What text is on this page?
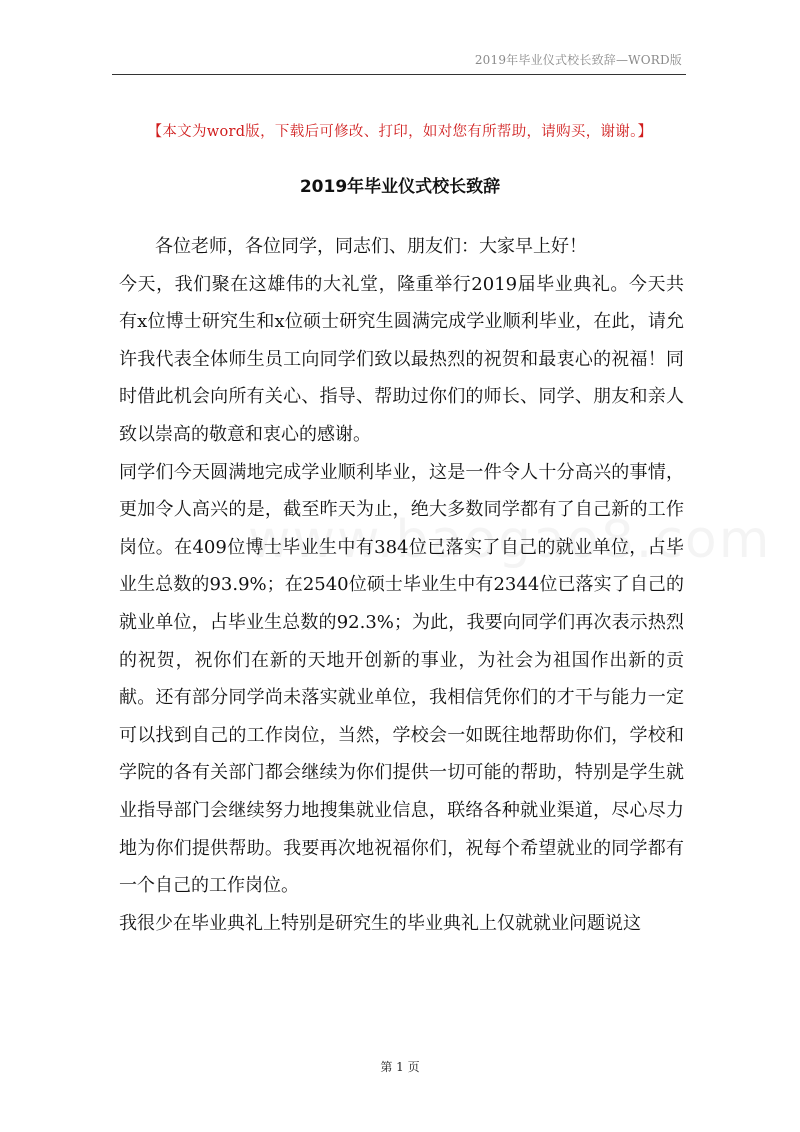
2019年毕业仪式校长致辞—WORD版
【本文为word版，下载后可修改、打印，如对您有所帮助，请购买，谢谢。】
2019年毕业仪式校长致辞

各位老师，各位同学，同志们、朋友们：大家早上好！

今天，我们聚在这雄伟的大礼堂，隆重举行2019届毕业典礼。今天共有x位博士研究生和x位硕士研究生圆满完成学业顺利毕业，在此，请允许我代表全体师生员工向同学们致以最热烈的祝贺和最衷心的祝福！同时借此机会向所有关心、指导、帮助过你们的师长、同学、朋友和亲人致以崇高的敬意和衷心的感谢。

同学们今天圆满地完成学业顺利毕业，这是一件令人十分高兴的事情，更加令人高兴的是，截至昨天为止，绝大多数同学都有了自己新的工作岗位。在409位博士毕业生中有384位已落实了自己的就业单位，占毕业生总数的93.9%；在2540位硕士毕业生中有2344位已落实了自己的就业单位，占毕业生总数的92.3%；为此，我要向同学们再次表示热烈的祝贺，祝你们在新的天地开创新的事业，为社会为祖国作出新的贡献。还有部分同学尚未落实就业单位，我相信凭你们的才干与能力一定可以找到自己的工作岗位，当然，学校会一如既往地帮助你们，学校和学院的各有关部门都会继续为你们提供一切可能的帮助，特别是学生就业指导部门会继续努力地搜集就业信息，联络各种就业渠道，尽心尽力地为你们提供帮助。我要再次地祝福你们，祝每个希望就业的同学都有一个自己的工作岗位。

我很少在毕业典礼上特别是研究生的毕业典礼上仅就就业问题说这

第 1 页
